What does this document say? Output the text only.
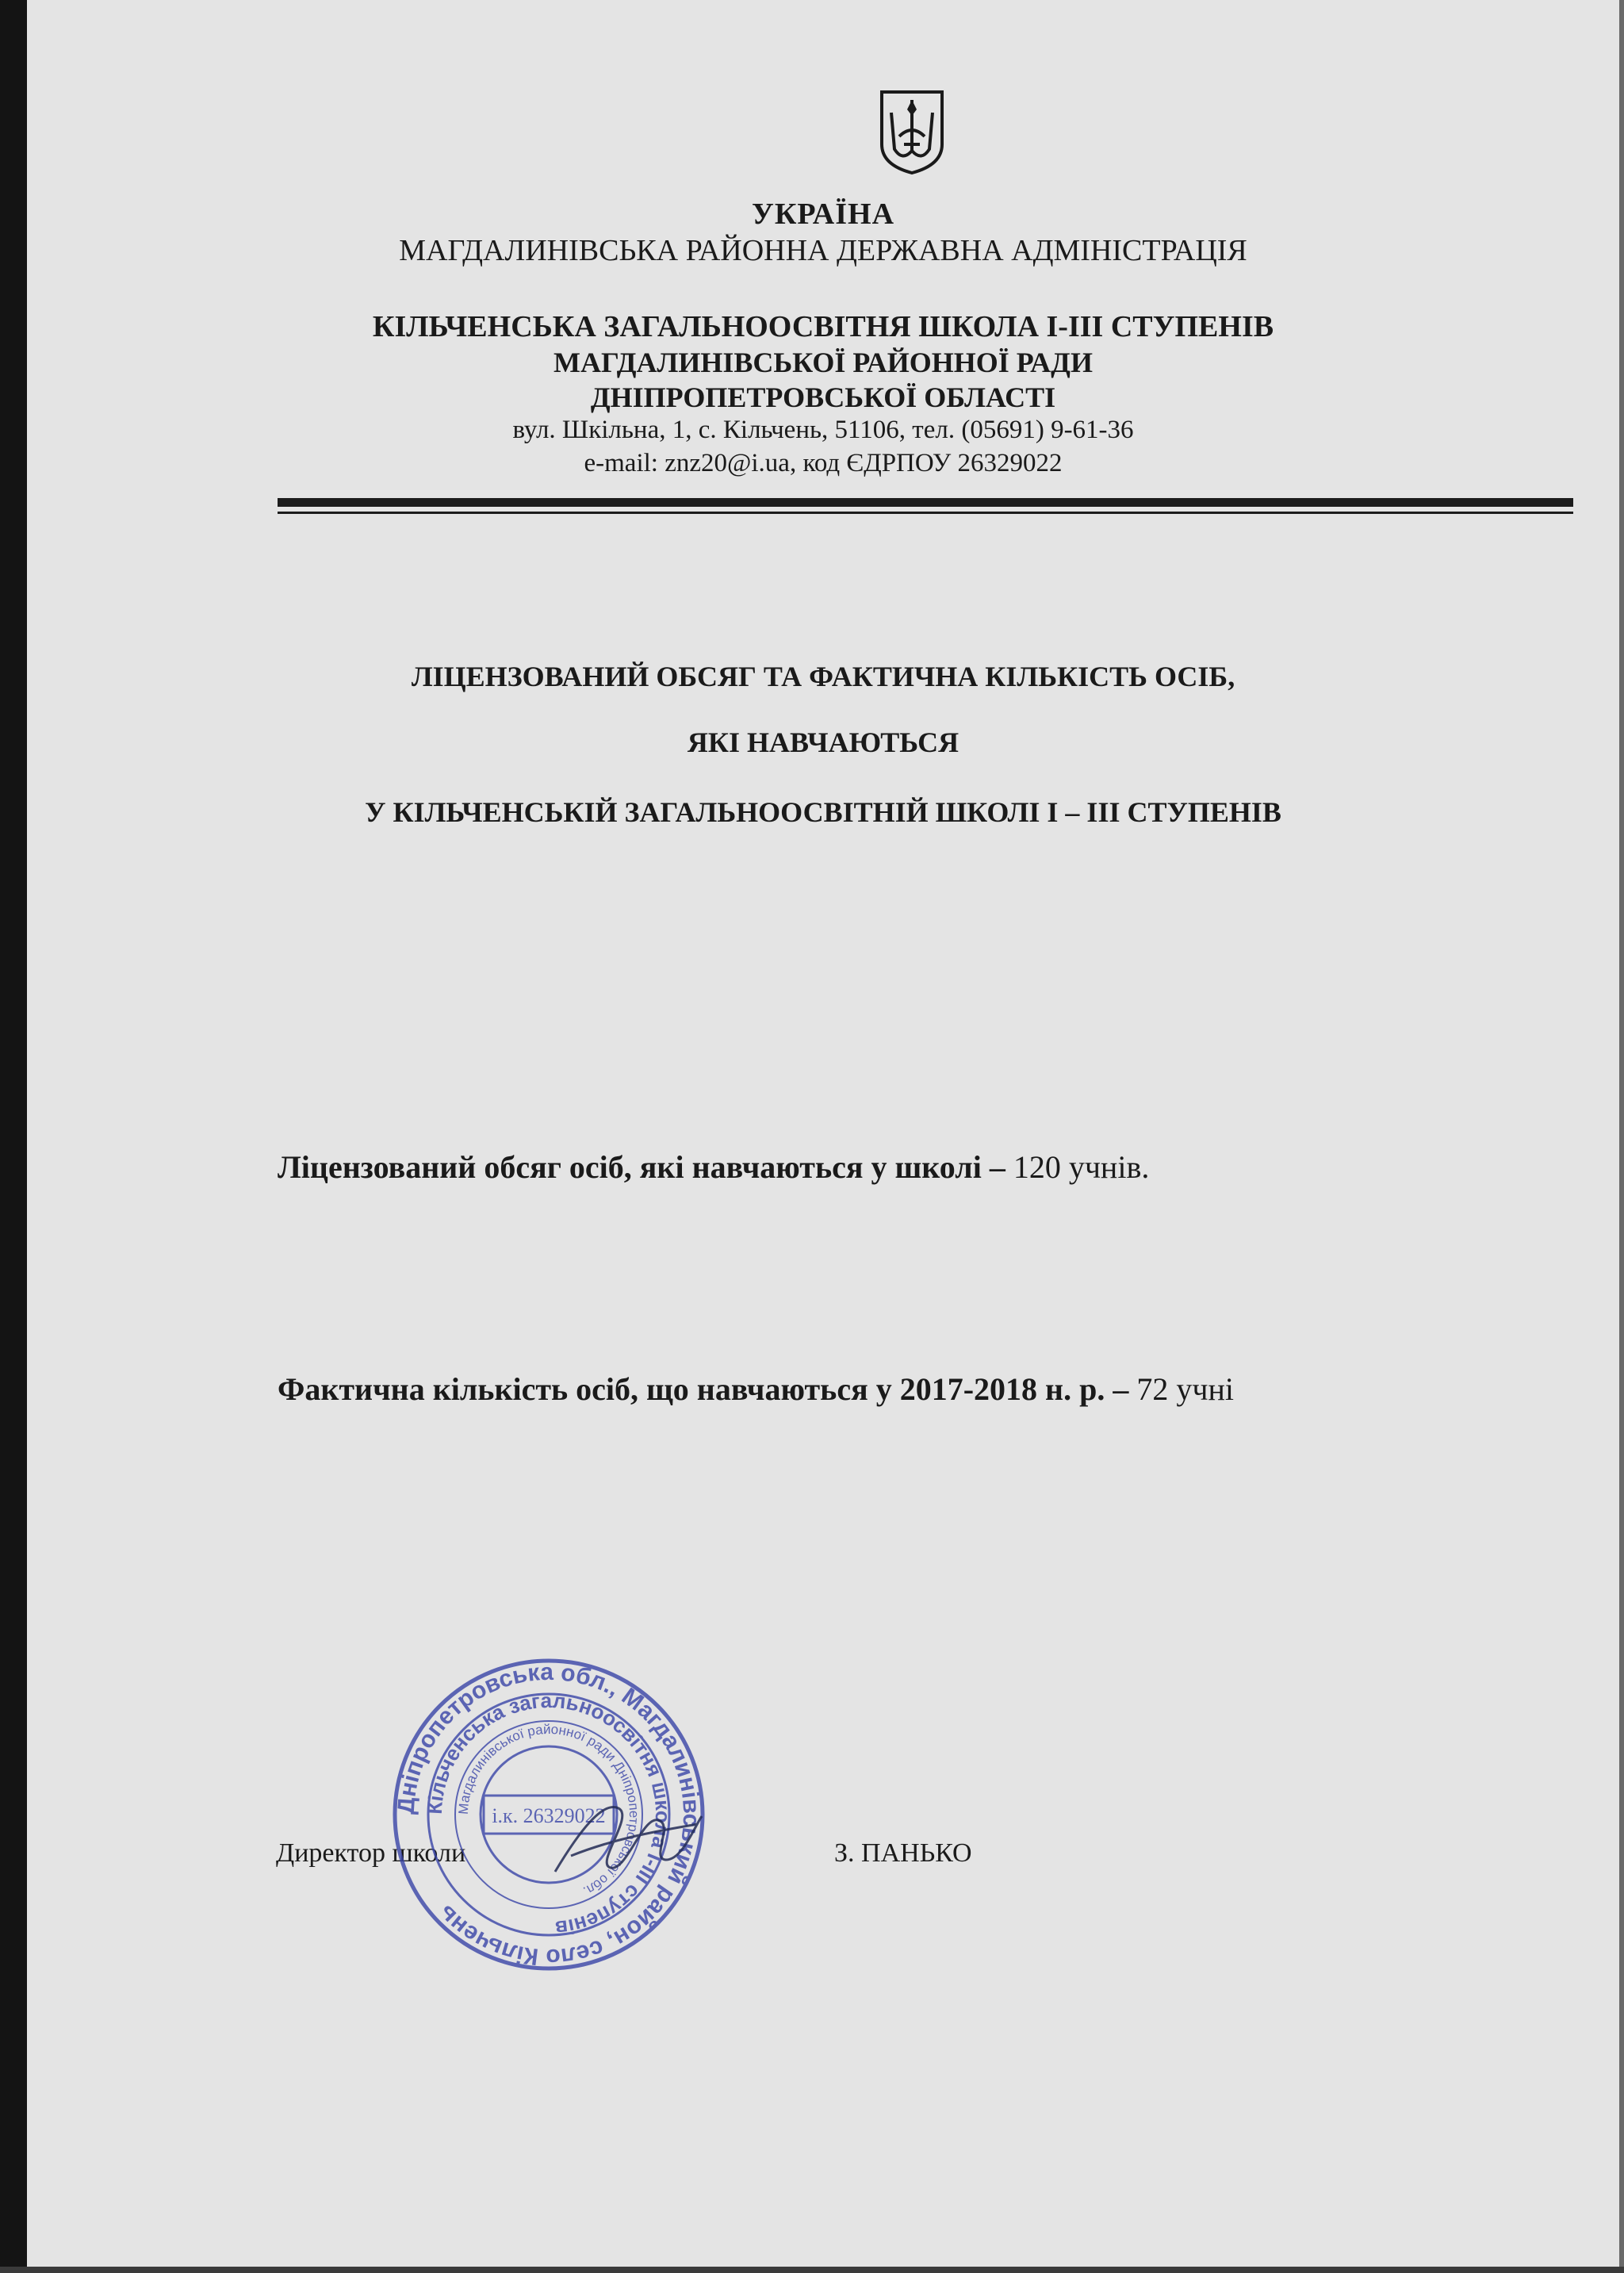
УКРАЇНА
МАГДАЛИНІВСЬКА РАЙОННА ДЕРЖАВНА АДМІНІСТРАЦІЯ
КІЛЬЧЕНСЬКА ЗАГАЛЬНООСВІТНЯ ШКОЛА І-ІІІ СТУПЕНІВ
МАГДАЛИНІВСЬКОЇ РАЙОННОЇ РАДИ
ДНІПРОПЕТРОВСЬКОЇ ОБЛАСТІ
вул. Шкільна, 1, с. Кільчень, 51106, тел. (05691) 9-61-36
e-mail: znz20@i.ua, код ЄДРПОУ 26329022
ЛІЦЕНЗОВАНИЙ ОБСЯГ ТА ФАКТИЧНА КІЛЬКІСТЬ ОСІБ,
ЯКІ НАВЧАЮТЬСЯ
У КІЛЬЧЕНСЬКІЙ ЗАГАЛЬНООСВІТНІЙ ШКОЛІ І – ІІІ СТУПЕНІВ
Ліцензований обсяг осіб, які навчаються у школі – 120 учнів.
Фактична кількість осіб, що навчаються у 2017-2018 н. р. – 72 учні
Директор школи	З. ПАНЬКО
Дніпропетровська обл., Магдалинівський район, село Кільчень
Кільченська загальноосвітня школа І-ІІІ ступенів
Магдалинівської районної ради Дніпропетровської обл.
і.к. 26329022
